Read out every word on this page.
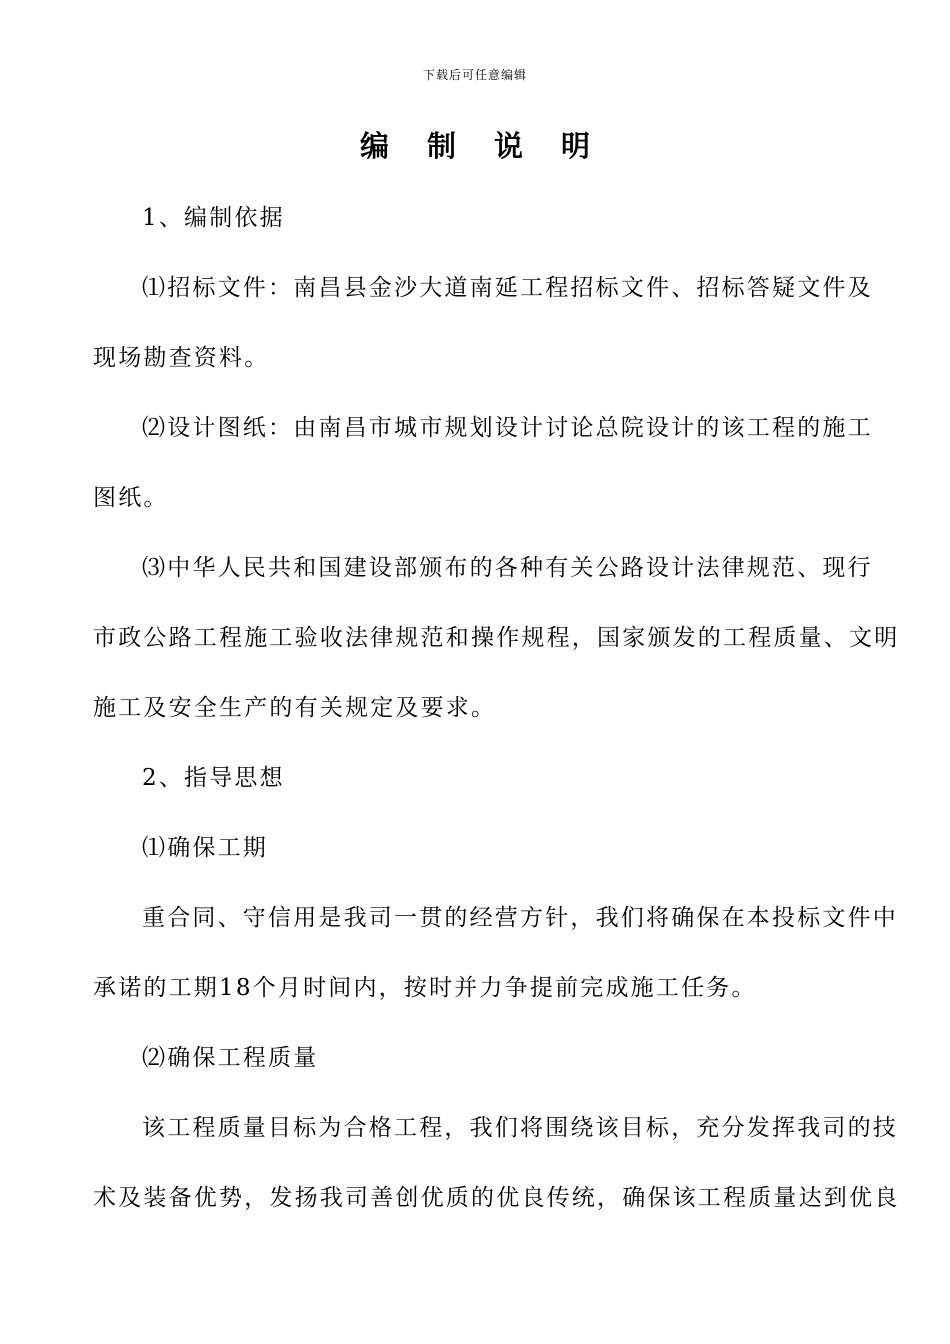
下载后可任意编辑
编制说明
1、编制依据
⑴招标文件：南昌县金沙大道南延工程招标文件、招标答疑文件及
现场勘查资料。
⑵设计图纸：由南昌市城市规划设计讨论总院设计的该工程的施工
图纸。
⑶中华人民共和国建设部颁布的各种有关公路设计法律规范、现行
市政公路工程施工验收法律规范和操作规程，国家颁发的工程质量、文明
施工及安全生产的有关规定及要求。
2、指导思想
⑴确保工期
重合同、守信用是我司一贯的经营方针，我们将确保在本投标文件中
承诺的工期18个月时间内，按时并力争提前完成施工任务。
⑵确保工程质量
该工程质量目标为合格工程，我们将围绕该目标，充分发挥我司的技
术及装备优势，发扬我司善创优质的优良传统，确保该工程质量达到优良
